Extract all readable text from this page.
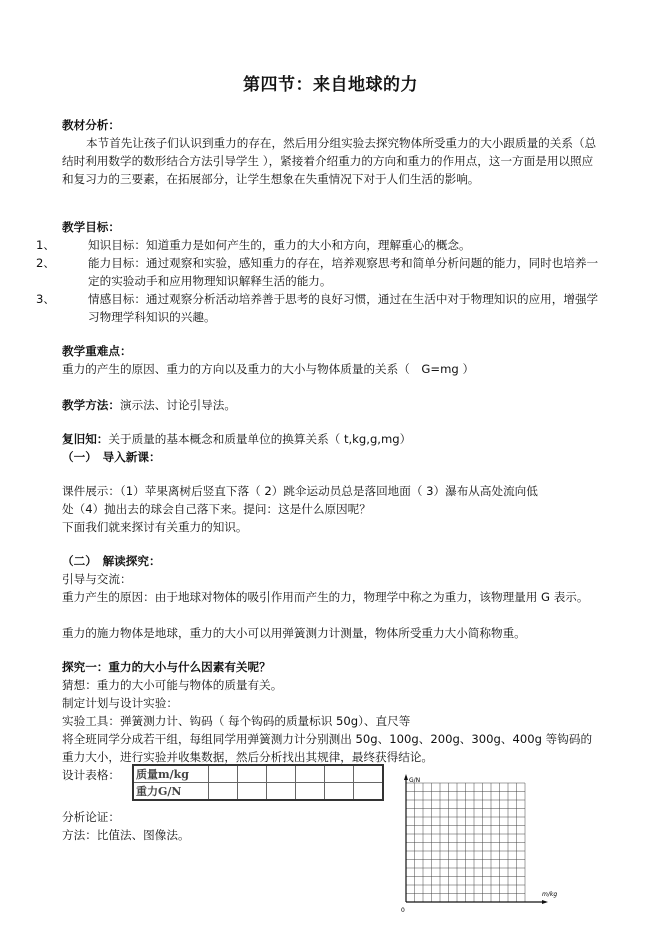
第四节：来自地球的力
教材分析：
本节首先让孩子们认识到重力的存在，然后用分组实验去探究物体所受重力的大小跟质量的关系（总结时利用数学的数形结合方法引导学生 ），紧接着介绍重力的方向和重力的作用点，这一方面是用以照应和复习力的三要素，在拓展部分，让学生想象在失重情况下对于人们生活的影响。
教学目标：
1、	知识目标：知道重力是如何产生的，重力的大小和方向，理解重心的概念。
2、	能力目标：通过观察和实验，感知重力的存在，培养观察思考和简单分析问题的能力，同时也培养一定的实验动手和应用物理知识解释生活的能力。
3、	情感目标：通过观察分析活动培养善于思考的良好习惯，通过在生活中对于物理知识的应用，增强学习物理学科知识的兴趣。
教学重难点：
重力的产生的原因、重力的方向以及重力的大小与物体质量的关系（　G=mg ）
教学方法：演示法、讨论引导法。
复旧知：关于质量的基本概念和质量单位的换算关系（ t,kg,g,mg）
（一）　导入新课：
课件展示：（1）苹果离树后竖直下落（ 2）跳伞运动员总是落回地面（ 3）瀑布从高处流向低
处（4）抛出去的球会自己落下来。提问：这是什么原因呢？
下面我们就来探讨有关重力的知识。
（二）　解读探究：
引导与交流：
重力产生的原因：由于地球对物体的吸引作用而产生的力，物理学中称之为重力，该物理量用 G 表示。
重力的施力物体是地球，重力的大小可以用弹簧测力计测量，物体所受重力大小简称物重。
探究一：重力的大小与什么因素有关呢？
猜想：重力的大小可能与物体的质量有关。
制定计划与设计实验：
实验工具：弹簧测力计、钩码（ 每个钩码的质量标识 50g）、直尺等
将全班同学分成若干组，每组同学用弹簧测力计分别测出 50g、100g、200g、300g、400g 等钩码的重力大小，进行实验并收集数据，然后分析找出其规律，最终获得结论。
设计表格： 质量m/kg						
重力G/N						
分析论证：
方法：比值法、图像法。
G/N
m/kg
0
